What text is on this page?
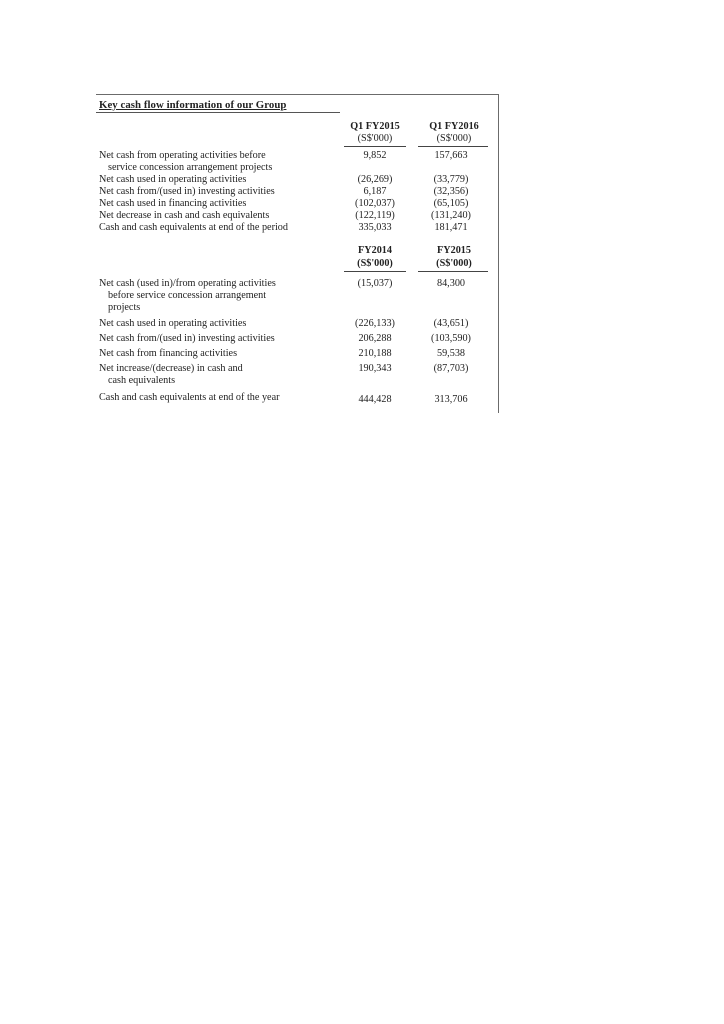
Key cash flow information of our Group
Q1 FY2015	Q1 FY2016
(S$'000)	(S$'000)
Net cash from operating activities before
service concession arrangement projects
9,852	157,663
Net cash used in operating activities	(26,269)	(33,779)
Net cash from/(used in) investing activities	6,187	(32,356)
Net cash used in financing activities	(102,037)	(65,105)
Net decrease in cash and cash equivalents	(122,119)	(131,240)
Cash and cash equivalents at end of the period	335,033	181,471
FY2014	FY2015
(S$'000)	(S$'000)
Net cash (used in)/from operating activities
before service concession arrangement
projects
(15,037)	84,300
Net cash used in operating activities	(226,133)	(43,651)
Net cash from/(used in) investing activities	206,288	(103,590)
Net cash from financing activities	210,188	59,538
Net increase/(decrease) in cash and
cash equivalents
190,343	(87,703)
Cash and cash equivalents at end of the year	444,428	313,706
